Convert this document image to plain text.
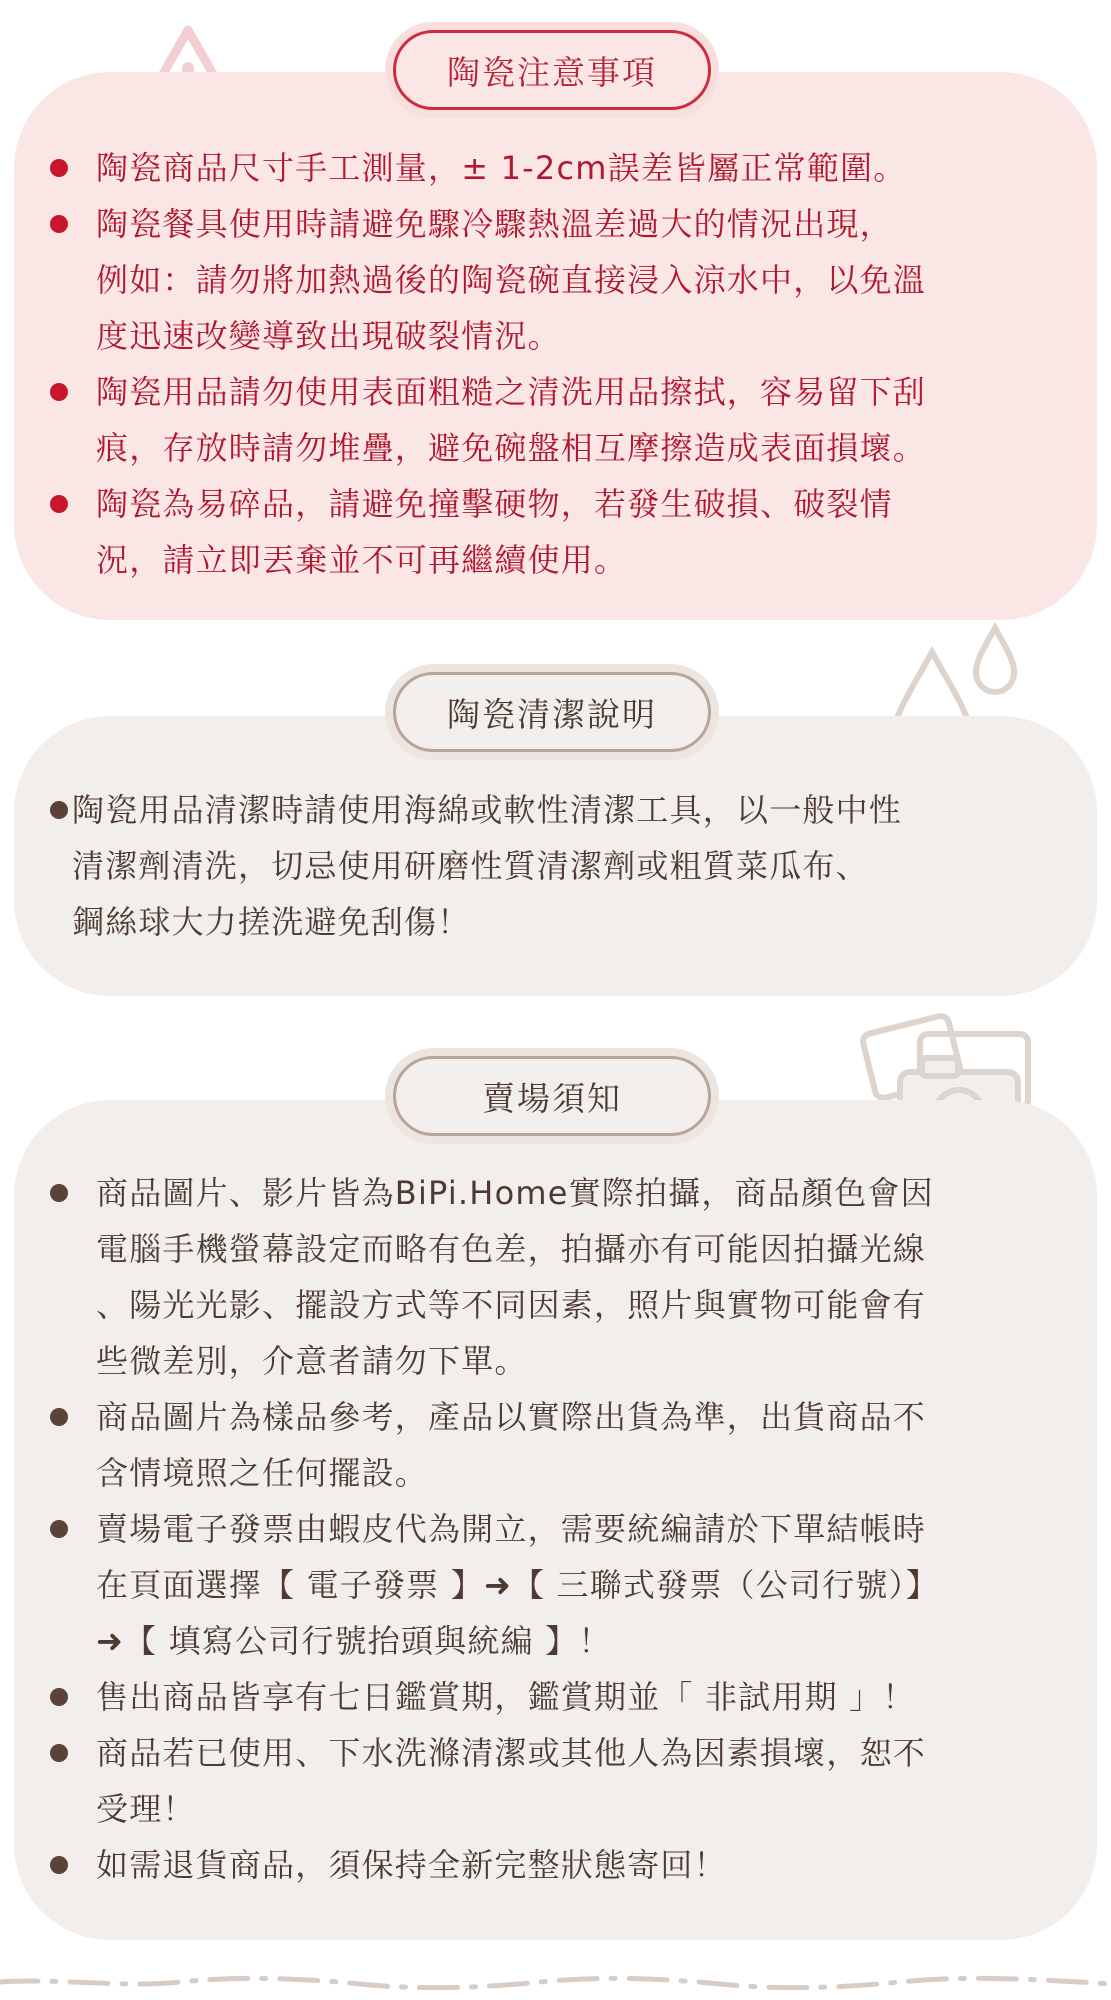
陶瓷注意事項
陶瓷商品尺寸手工測量，± 1-2cm誤差皆屬正常範圍。
陶瓷餐具使用時請避免驟冷驟熱溫差過大的情況出現，
例如：請勿將加熱過後的陶瓷碗直接浸入涼水中，以免溫
度迅速改變導致出現破裂情況。
陶瓷用品請勿使用表面粗糙之清洗用品擦拭，容易留下刮
痕，存放時請勿堆疊，避免碗盤相互摩擦造成表面損壞。
陶瓷為易碎品，請避免撞擊硬物，若發生破損、破裂情
況，請立即丟棄並不可再繼續使用。
陶瓷清潔說明
陶瓷用品清潔時請使用海綿或軟性清潔工具，以一般中性
清潔劑清洗，切忌使用研磨性質清潔劑或粗質菜瓜布、
鋼絲球大力搓洗避免刮傷！
賣場須知
商品圖片、影片皆為BiPi.Home實際拍攝，商品顏色會因
電腦手機螢幕設定而略有色差，拍攝亦有可能因拍攝光線
、陽光光影、擺設方式等不同因素，照片與實物可能會有
些微差別，介意者請勿下單。
商品圖片為樣品參考，產品以實際出貨為準，出貨商品不
含情境照之任何擺設。
賣場電子發票由蝦皮代為開立，需要統編請於下單結帳時
在頁面選擇【 電子發票 】➜【 三聯式發票（公司行號）】
➜【 填寫公司行號抬頭與統編 】！
售出商品皆享有七日鑑賞期，鑑賞期並「 非試用期 」！
商品若已使用、下水洗滌清潔或其他人為因素損壞，恕不
受理！
如需退貨商品，須保持全新完整狀態寄回！
